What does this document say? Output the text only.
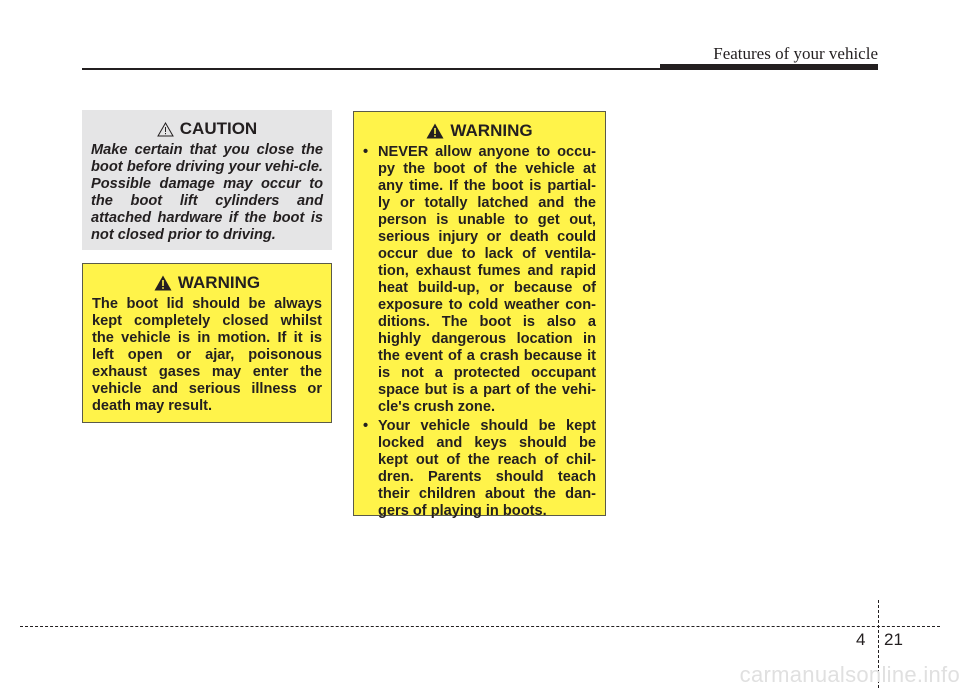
Features of your vehicle
CAUTION
Make certain that you close the boot before driving your vehi-cle. Possible damage may occur to the boot lift cylinders and attached hardware if the boot is not closed prior to driving.
WARNING
The boot lid should be always kept completely closed whilst the vehicle is in motion. If it is left open or ajar, poisonous exhaust gases may enter the vehicle and serious illness or death may result.
WARNING
• NEVER allow anyone to occu-py the boot of the vehicle at any time. If the boot is partial-ly or totally latched and the person is unable to get out, serious injury or death could occur due to lack of ventila-tion, exhaust fumes and rapid heat build-up, or because of exposure to cold weather con-ditions. The boot is also a highly dangerous location in the event of a crash because it is not a protected occupant space but is a part of the vehi-cle's crush zone.
• Your vehicle should be kept locked and keys should be kept out of the reach of chil-dren. Parents should teach their children about the dan-gers of playing in boots.
4 21
carmanualsonline.info
